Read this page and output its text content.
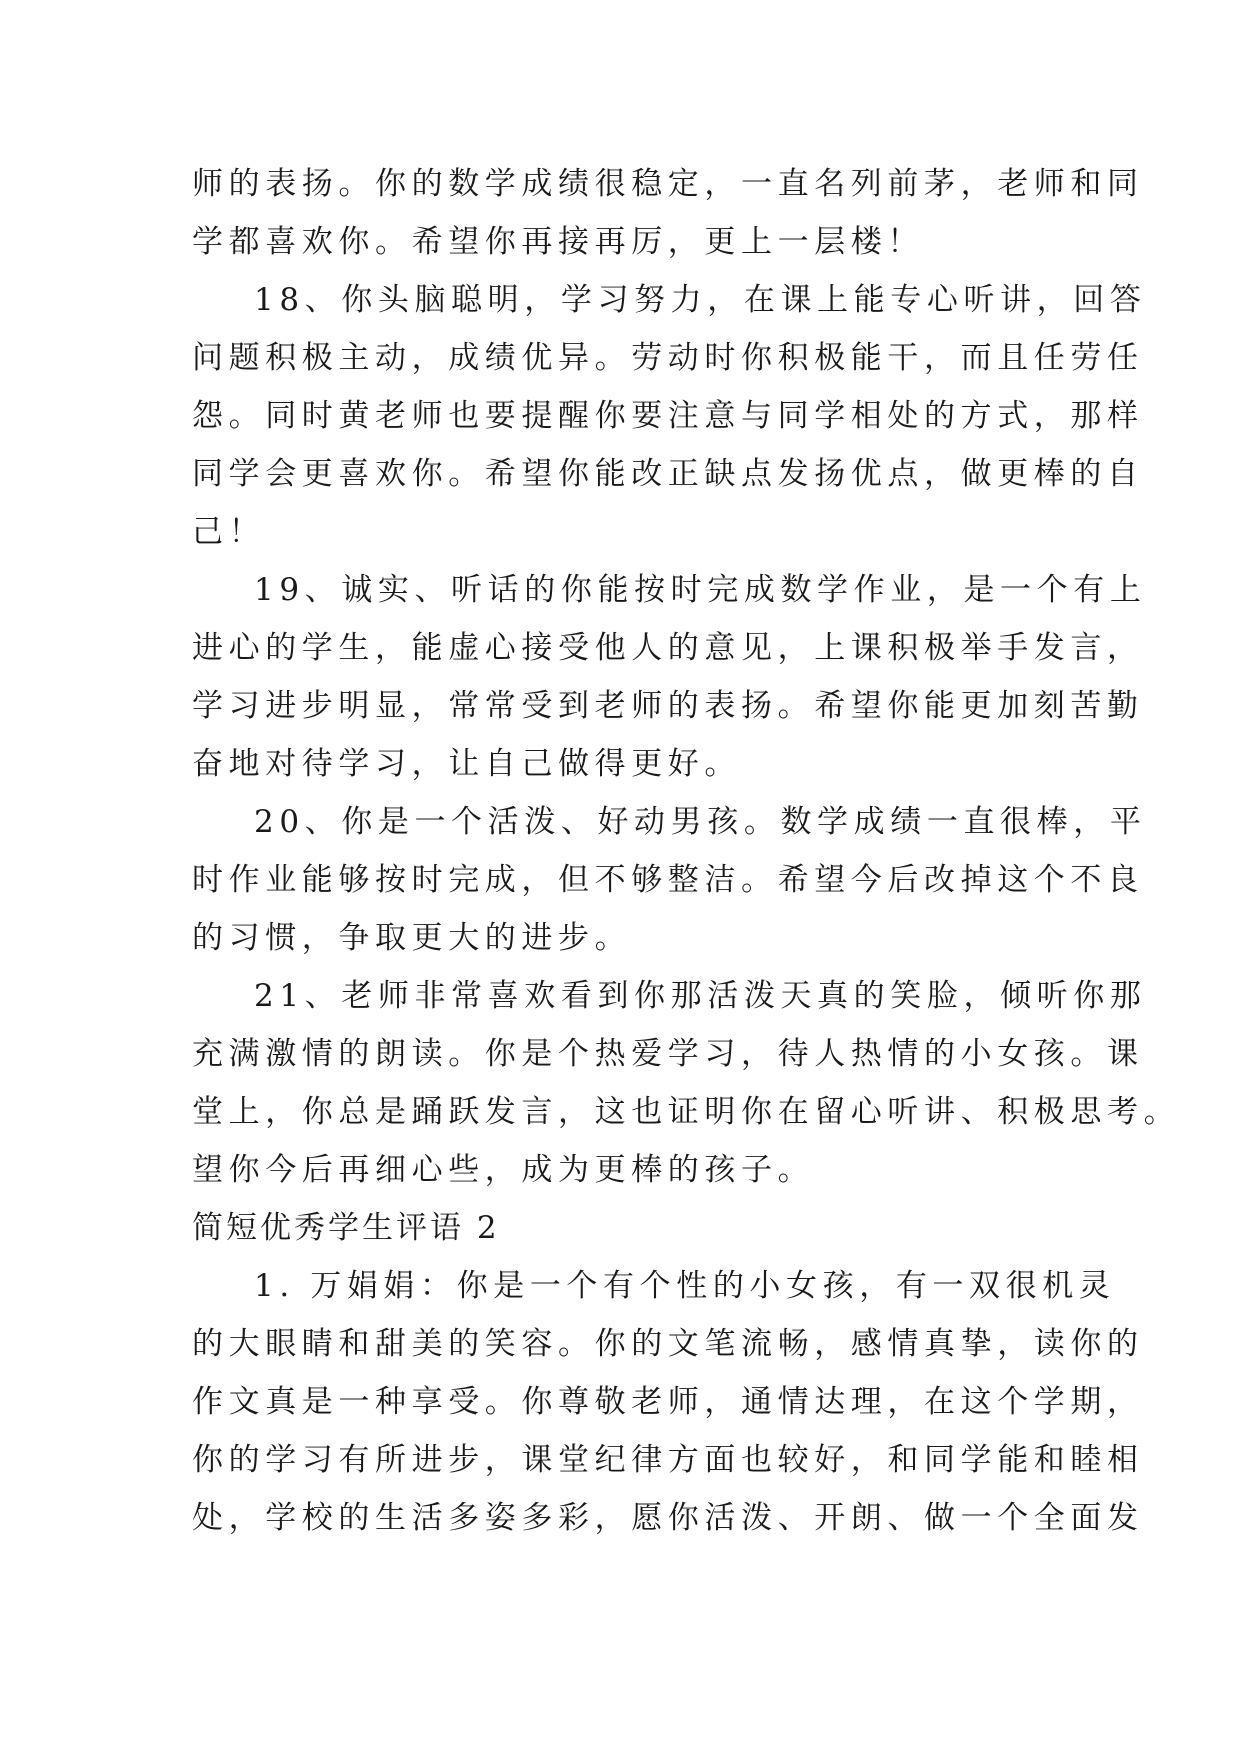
师的表扬。你的数学成绩很稳定，一直名列前茅，老师和同
学都喜欢你。希望你再接再厉，更上一层楼！
18、你头脑聪明，学习努力，在课上能专心听讲，回答
问题积极主动，成绩优异。劳动时你积极能干，而且任劳任
怨。同时黄老师也要提醒你要注意与同学相处的方式，那样
同学会更喜欢你。希望你能改正缺点发扬优点，做更棒的自
己！
19、诚实、听话的你能按时完成数学作业，是一个有上
进心的学生，能虚心接受他人的意见，上课积极举手发言，
学习进步明显，常常受到老师的表扬。希望你能更加刻苦勤
奋地对待学习，让自己做得更好。
20、你是一个活泼、好动男孩。数学成绩一直很棒，平
时作业能够按时完成，但不够整洁。希望今后改掉这个不良
的习惯，争取更大的进步。
21、老师非常喜欢看到你那活泼天真的笑脸，倾听你那
充满激情的朗读。你是个热爱学习，待人热情的小女孩。课
堂上，你总是踊跃发言，这也证明你在留心听讲、积极思考。
望你今后再细心些，成为更棒的孩子。
简短优秀学生评语 2
1. 万娟娟：你是一个有个性的小女孩，有一双很机灵
的大眼睛和甜美的笑容。你的文笔流畅，感情真挚，读你的
作文真是一种享受。你尊敬老师，通情达理，在这个学期，
你的学习有所进步，课堂纪律方面也较好，和同学能和睦相
处，学校的生活多姿多彩，愿你活泼、开朗、做一个全面发
